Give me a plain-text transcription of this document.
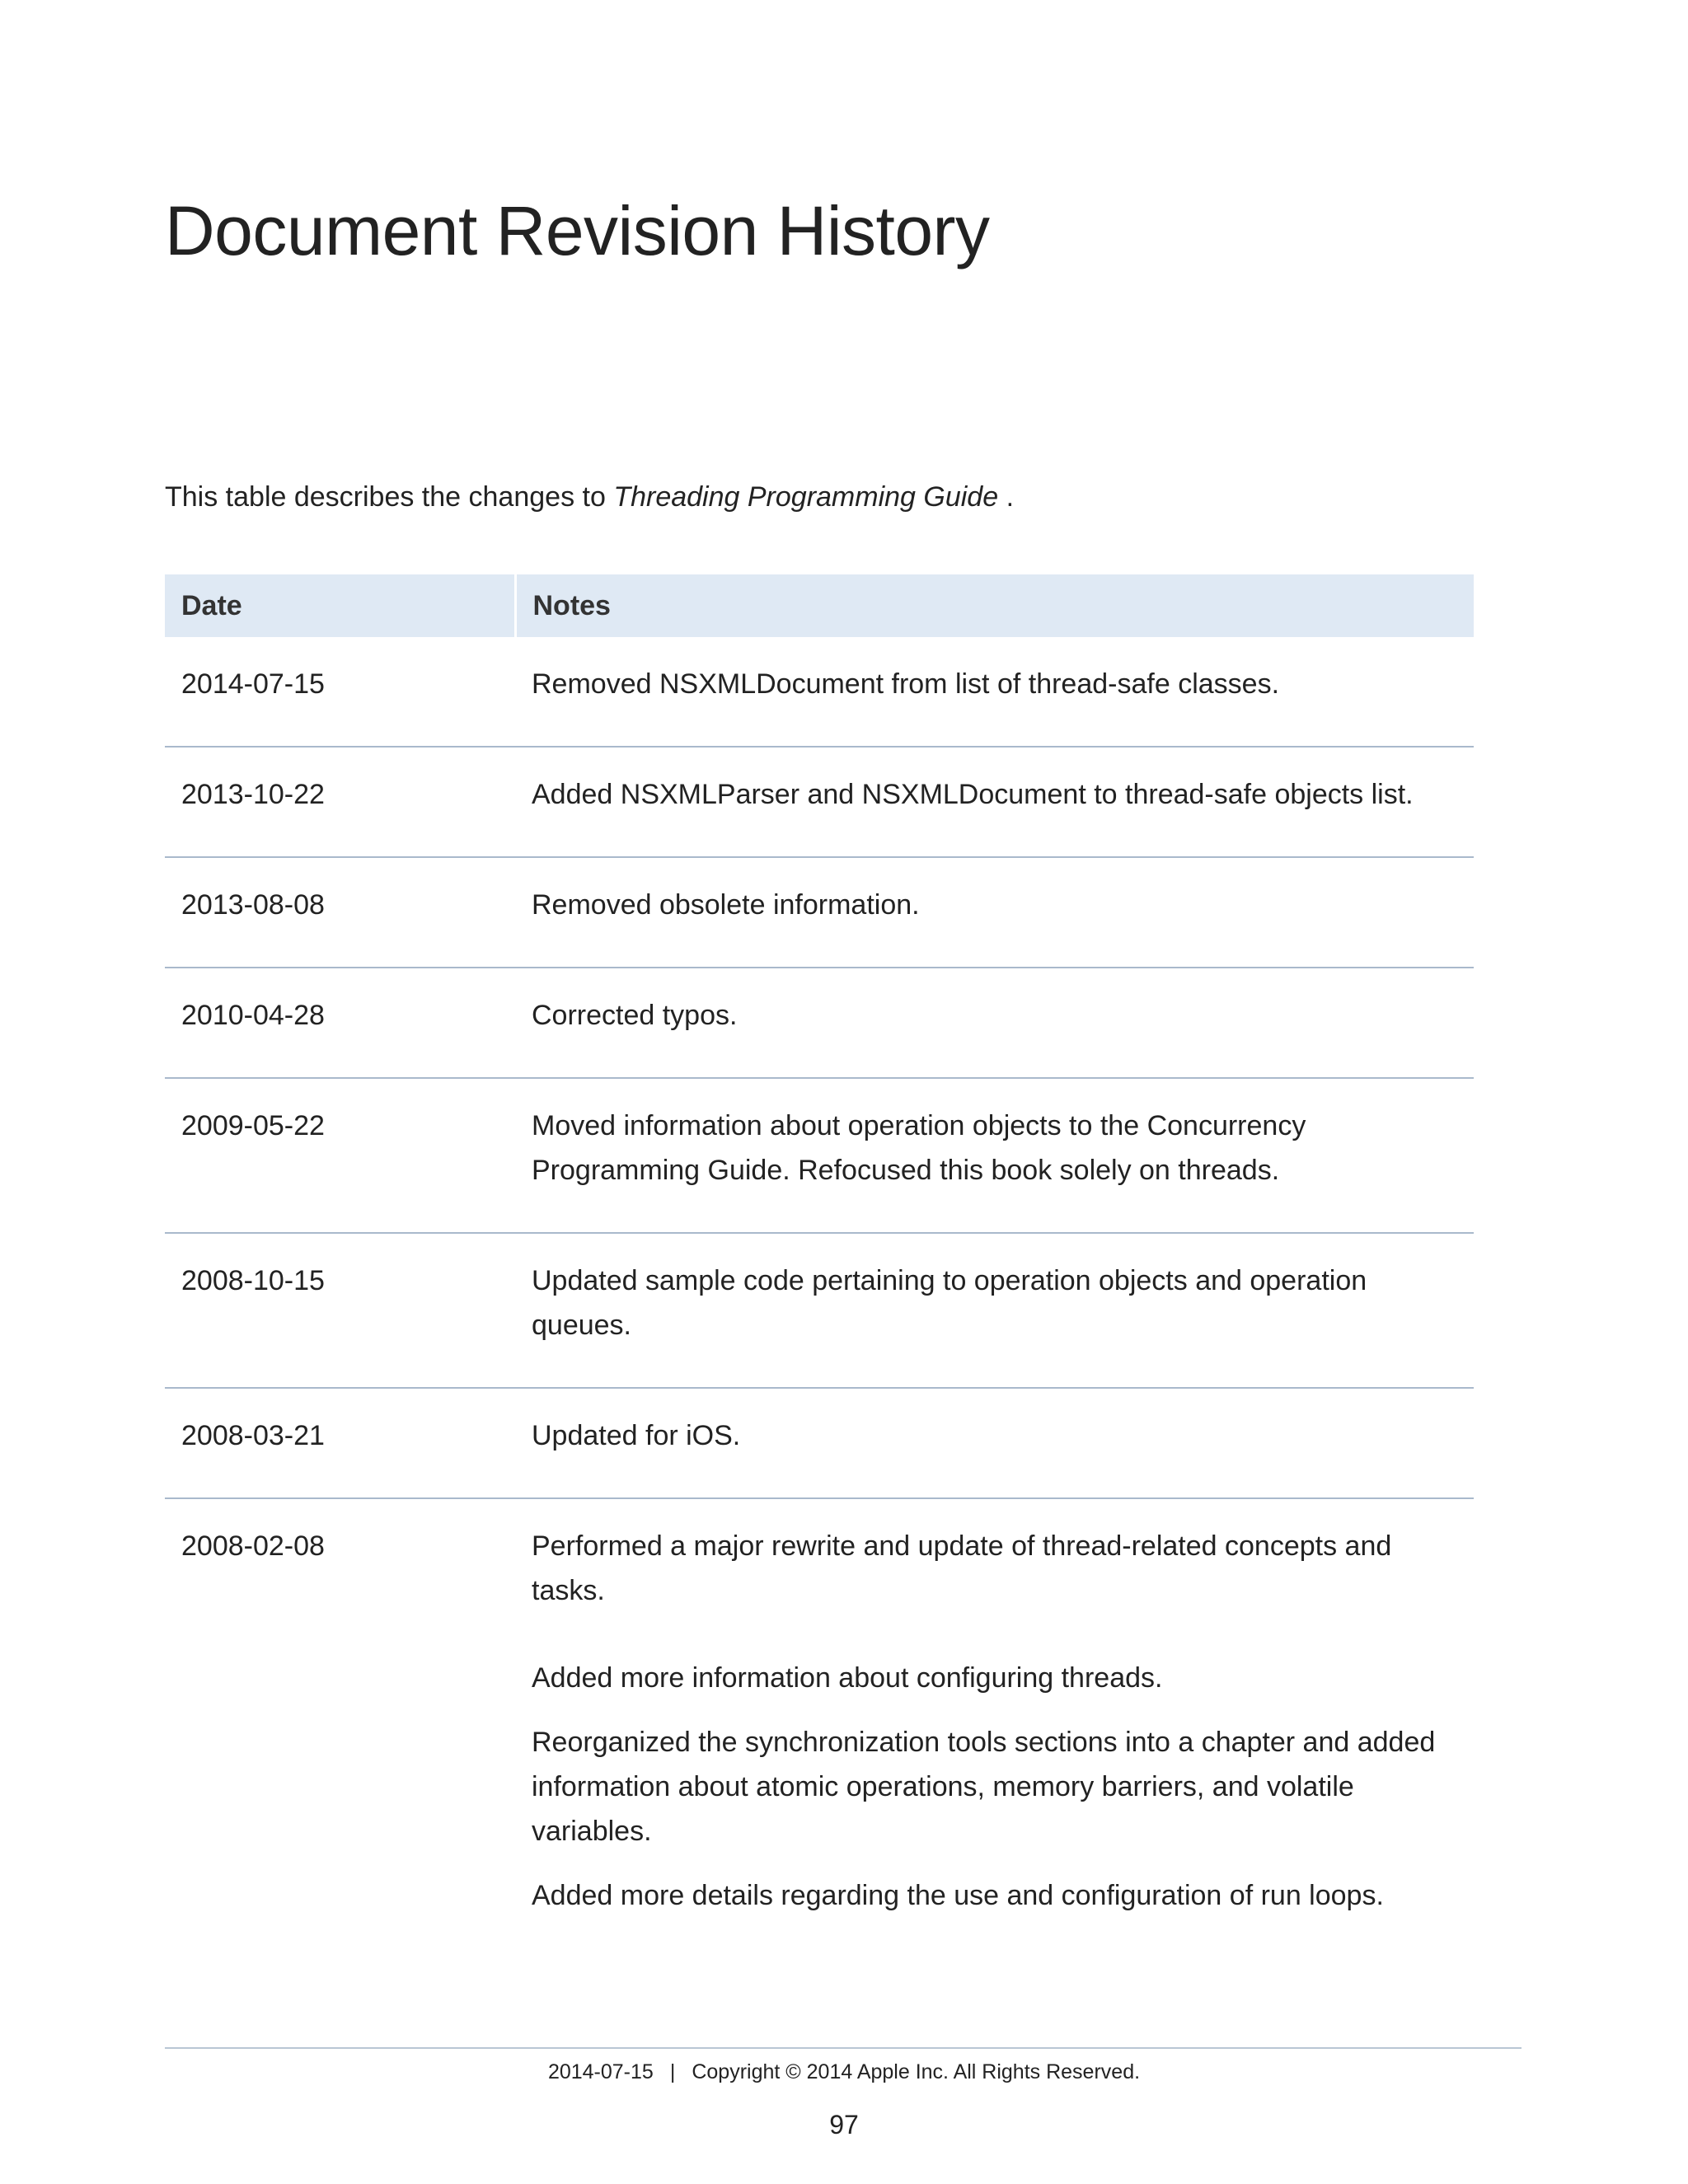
Document Revision History

This table describes the changes to Threading Programming Guide .

Date	Notes
2014-07-15	Removed NSXMLDocument from list of thread-safe classes.

2013-10-22	Added NSXMLParser and NSXMLDocument to thread-safe objects list.

2013-08-08	Removed obsolete information.

2010-04-28	Corrected typos.

2009-05-22	Moved information about operation objects to the Concurrency Programming Guide. Refocused this book solely on threads.

2008-10-15	Updated sample code pertaining to operation objects and operation queues.

2008-03-21	Updated for iOS.

2008-02-08	Performed a major rewrite and update of thread-related concepts and tasks.

Added more information about configuring threads.

Reorganized the synchronization tools sections into a chapter and added information about atomic operations, memory barriers, and volatile variables.

Added more details regarding the use and configuration of run loops.

2014-07-15 | Copyright © 2014 Apple Inc. All Rights Reserved.
97
